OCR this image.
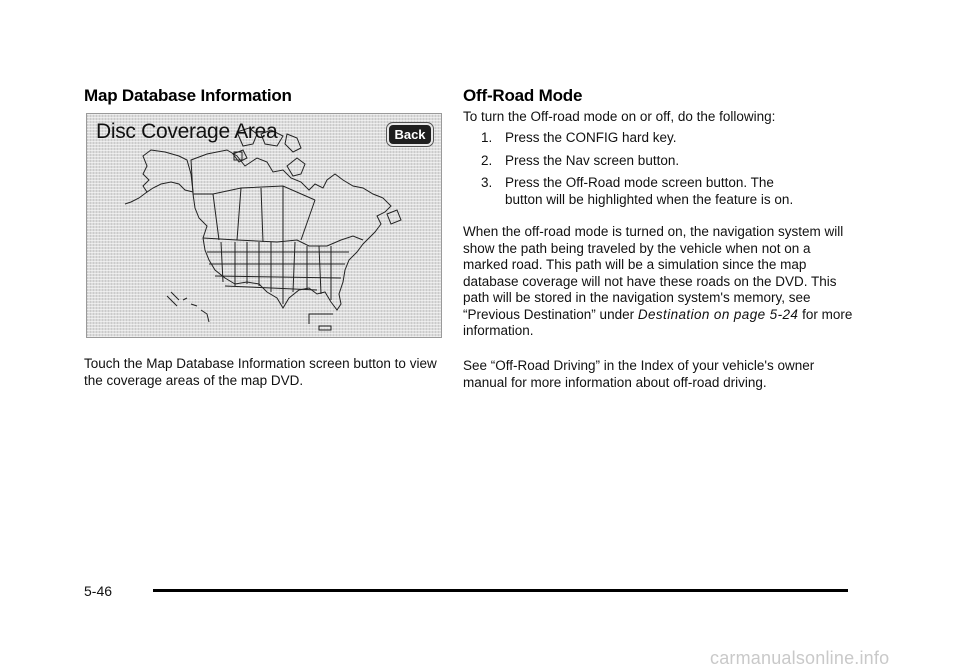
Map Database Information
Disc Coverage Area	Back

Touch the Map Database Information screen button to view the coverage areas of the map DVD.

Off-Road Mode

To turn the Off-road mode on or off, do the following:

1. Press the CONFIG hard key.
2. Press the Nav screen button.
3. Press the Off-Road mode screen button. The button will be highlighted when the feature is on.

When the off-road mode is turned on, the navigation system will show the path being traveled by the vehicle when not on a marked road. This path will be a simulation since the map database coverage will not have these roads on the DVD. This path will be stored in the navigation system's memory, see “Previous Destination” under Destination on page 5-24 for more information.

See “Off-Road Driving” in the Index of your vehicle's owner manual for more information about off-road driving.

5-46
carmanualsonline.info
